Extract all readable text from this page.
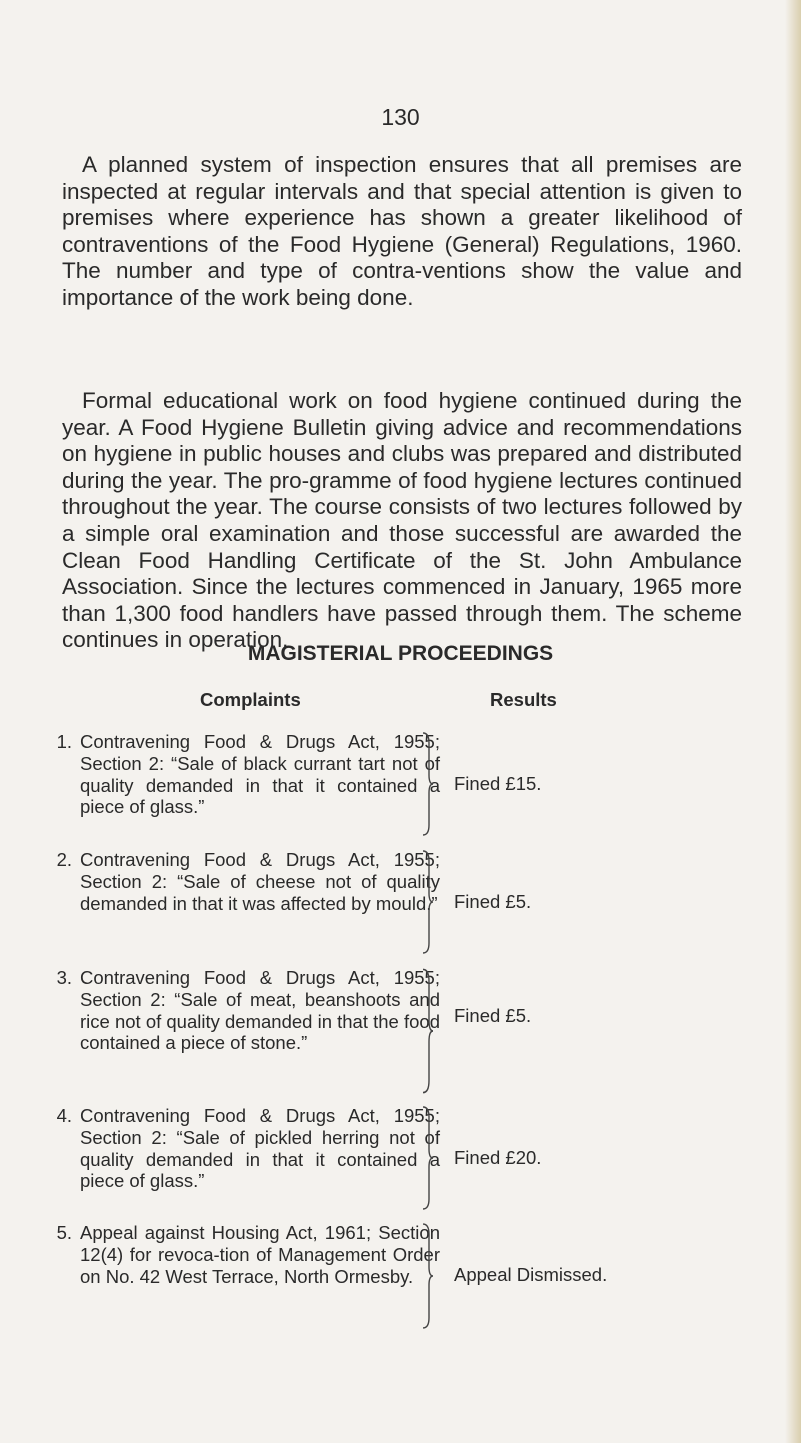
130

A planned system of inspection ensures that all premises are inspected at regular intervals and that special attention is given to premises where experience has shown a greater likelihood of contraventions of the Food Hygiene (General) Regulations, 1960. The number and type of contra-ventions show the value and importance of the work being done.

Formal educational work on food hygiene continued during the year. A Food Hygiene Bulletin giving advice and recommendations on hygiene in public houses and clubs was prepared and distributed during the year. The pro-gramme of food hygiene lectures continued throughout the year. The course consists of two lectures followed by a simple oral examination and those successful are awarded the Clean Food Handling Certificate of the St. John Ambulance Association. Since the lectures commenced in January, 1965 more than 1,300 food handlers have passed through them. The scheme continues in operation.

MAGISTERIAL PROCEEDINGS
Complaints	Results
1. Contravening Food & Drugs Act, 1955; Section 2: “Sale of black currant tart not of quality demanded in that it contained a piece of glass.”
Fined £15.
2. Contravening Food & Drugs Act, 1955; Section 2: “Sale of cheese not of quality demanded in that it was affected by mould.” Fined £5.
3. Contravening Food & Drugs Act, 1955; Section 2: “Sale of meat, beanshoots and rice not of quality demanded in that the food contained a piece of stone.”
Fined £5.
4. Contravening Food & Drugs Act, 1955; Section 2: “Sale of pickled herring not of quality demanded in that it contained a piece of glass.”
Fined £20.
5. Appeal against Housing Act, 1961; Section 12(4) for revoca-tion of Management Order on No. 42 West Terrace, North Ormesby.	Appeal Dismissed.
